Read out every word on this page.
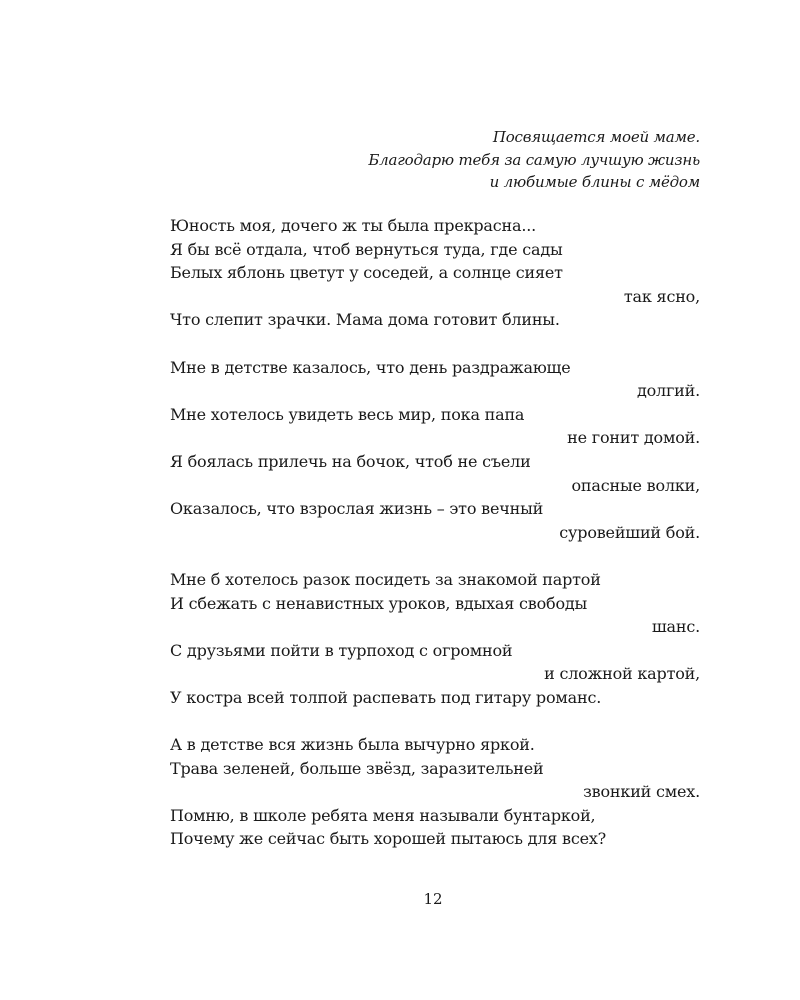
Посвящается моей маме.
Благодарю тебя за самую лучшую жизнь
и любимые блины с мёдом
Юность моя, дочего ж ты была прекрасна...
Я бы всё отдала, чтоб вернуться туда, где сады
Белых яблонь цветут у соседей, а солнце сияет
так ясно,
Что слепит зрачки. Мама дома готовит блины.
Мне в детстве казалось, что день раздражающе
долгий.
Мне хотелось увидеть весь мир, пока папа
не гонит домой.
Я боялась прилечь на бочок, чтоб не съели
опасные волки,
Оказалось, что взрослая жизнь – это вечный
суровейший бой.
Мне б хотелось разок посидеть за знакомой партой
И сбежать с ненавистных уроков, вдыхая свободы
шанс.
С друзьями пойти в турпоход с огромной
и сложной картой,
У костра всей толпой распевать под гитару романс.
А в детстве вся жизнь была вычурно яркой.
Трава зеленей, больше звёзд, заразительней
звонкий смех.
Помню, в школе ребята меня называли бунтаркой,
Почему же сейчас быть хорошей пытаюсь для всех?
12
